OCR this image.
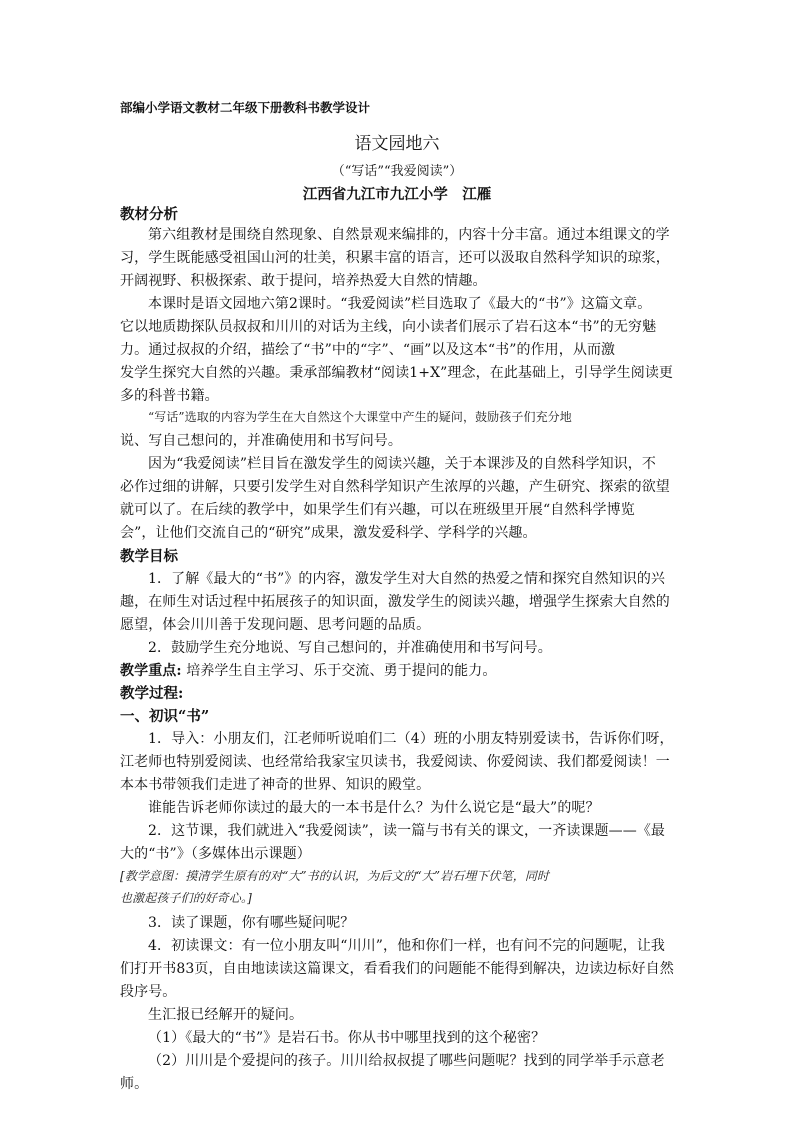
部编小学语文教材二年级下册教科书教学设计
语文园地六
（“写话”“我爱阅读”）
江西省九江市九江小学　江雁
教材分析
第六组教材是围绕自然现象、自然景观来编排的，内容十分丰富。通过本组课文的学
习，学生既能感受祖国山河的壮美，积累丰富的语言，还可以汲取自然科学知识的琼浆，
开阔视野、积极探索、敢于提问，培养热爱大自然的情趣。
本课时是语文园地六第2课时。“我爱阅读”栏目选取了《最大的“书”》这篇文章。
它以地质勘探队员叔叔和川川的对话为主线，向小读者们展示了岩石这本“书”的无穷魅
力。通过叔叔的介绍，描绘了“书”中的“字”、“画”以及这本“书”的作用，从而激
发学生探究大自然的兴趣。秉承部编教材“阅读1+X”理念，在此基础上，引导学生阅读更
多的科普书籍。
“写话”选取的内容为学生在大自然这个大课堂中产生的疑问，鼓励孩子们充分地
说、写自己想问的，并准确使用和书写问号。
因为“我爱阅读”栏目旨在激发学生的阅读兴趣，关于本课涉及的自然科学知识，不
必作过细的讲解，只要引发学生对自然科学知识产生浓厚的兴趣，产生研究、探索的欲望
就可以了。在后续的教学中，如果学生们有兴趣，可以在班级里开展“自然科学博览
会”，让他们交流自己的“研究”成果，激发爱科学、学科学的兴趣。
教学目标
1．了解《最大的“书”》的内容，激发学生对大自然的热爱之情和探究自然知识的兴
趣，在师生对话过程中拓展孩子的知识面，激发学生的阅读兴趣，增强学生探索大自然的
愿望，体会川川善于发现问题、思考问题的品质。
2．鼓励学生充分地说、写自己想问的，并准确使用和书写问号。
教学重点: 培养学生自主学习、乐于交流、勇于提问的能力。
教学过程:
一、初识“书”
1．导入：小朋友们，江老师听说咱们二（4）班的小朋友特别爱读书，告诉你们呀，
江老师也特别爱阅读、也经常给我家宝贝读书，我爱阅读、你爱阅读、我们都爱阅读！一
本本书带领我们走进了神奇的世界、知识的殿堂。
谁能告诉老师你读过的最大的一本书是什么？为什么说它是“最大”的呢？
2．这节课，我们就进入“我爱阅读”，读一篇与书有关的课文，一齐读课题——《最
大的“书”》（多媒体出示课题）
[教学意图：摸清学生原有的对“大”书的认识，为后文的“大”岩石埋下伏笔，同时
也激起孩子们的好奇心。]
3．读了课题，你有哪些疑问呢？
4．初读课文：有一位小朋友叫“川川”，他和你们一样，也有问不完的问题呢，让我
们打开书83页，自由地读读这篇课文，看看我们的问题能不能得到解决，边读边标好自然
段序号。
生汇报已经解开的疑问。
（1）《最大的“书”》是岩石书。你从书中哪里找到的这个秘密？
（2）川川是个爱提问的孩子。川川给叔叔提了哪些问题呢？找到的同学举手示意老
师。
